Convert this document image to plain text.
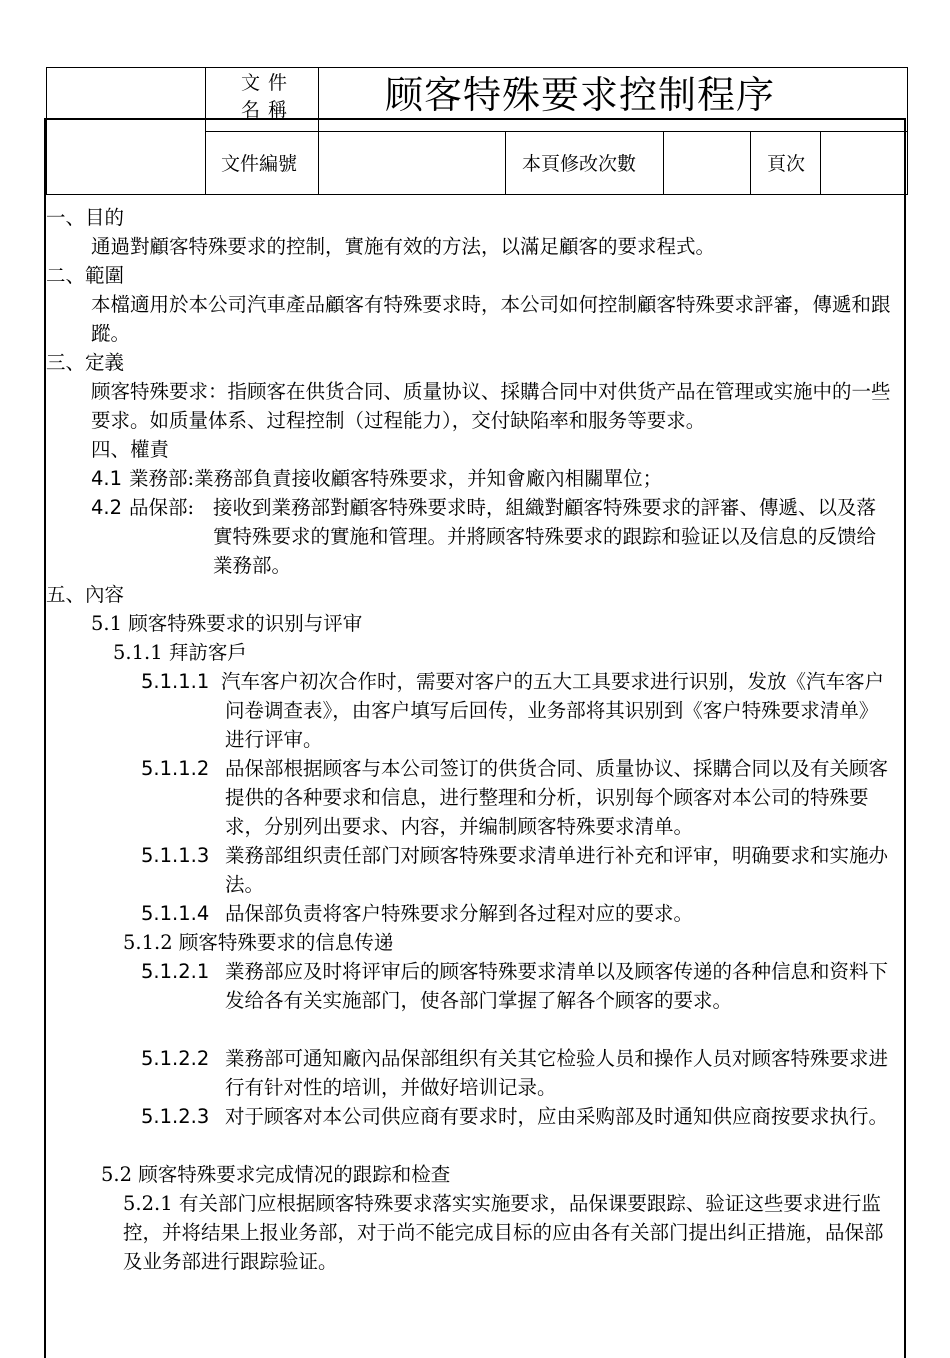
文件名稱	顾客特殊要求控制程序
文件編號	本頁修改次數	頁次
一、目的
通過對顧客特殊要求的控制，實施有效的方法，以滿足顧客的要求程式。
二、範圍
本檔適用於本公司汽車產品顧客有特殊要求時，本公司如何控制顧客特殊要求評審，傳遞和跟蹤。
三、定義
顾客特殊要求：指顾客在供货合同、质量协议、採購合同中对供货产品在管理或实施中的一些要求。如质量体系、过程控制（过程能力），交付缺陷率和服务等要求。
四、權責
4.1 業務部:業務部負責接收顧客特殊要求，并知會廠內相關單位；
4.2 品保部: 接收到業務部對顧客特殊要求時，組織對顧客特殊要求的評審、傳遞、以及落實特殊要求的實施和管理。并將顾客特殊要求的跟踪和验证以及信息的反馈给業務部。
五、內容
5.1 顾客特殊要求的识别与评审
5.1.1 拜訪客戶
5.1.1.1 汽车客户初次合作时，需要对客户的五大工具要求进行识别，发放《汽车客户问卷调查表》，由客户填写后回传，业务部将其识别到《客户特殊要求清单》进行评审。
5.1.1.2 品保部根据顾客与本公司签订的供货合同、质量协议、採購合同以及有关顾客提供的各种要求和信息，进行整理和分析，识别每个顾客对本公司的特殊要求，分别列出要求、内容，并编制顾客特殊要求清单。
5.1.1.3 業務部组织责任部门对顾客特殊要求清单进行补充和评审，明确要求和实施办法。
5.1.1.4 品保部负责将客户特殊要求分解到各过程对应的要求。
5.1.2 顾客特殊要求的信息传递
5.1.2.1 業務部应及时将评审后的顾客特殊要求清单以及顾客传递的各种信息和资料下发给各有关实施部门，使各部门掌握了解各个顾客的要求。
5.1.2.2 業務部可通知廠內品保部组织有关其它检验人员和操作人员对顾客特殊要求进行有针对性的培训，并做好培训记录。
5.1.2.3 对于顾客对本公司供应商有要求时，应由采购部及时通知供应商按要求执行。
5.2 顾客特殊要求完成情况的跟踪和检查
5.2.1 有关部门应根据顾客特殊要求落实实施要求，品保课要跟踪、验证这些要求进行监控，并将结果上报业务部，对于尚不能完成目标的应由各有关部门提出纠正措施，品保部及业务部进行跟踪验证。
